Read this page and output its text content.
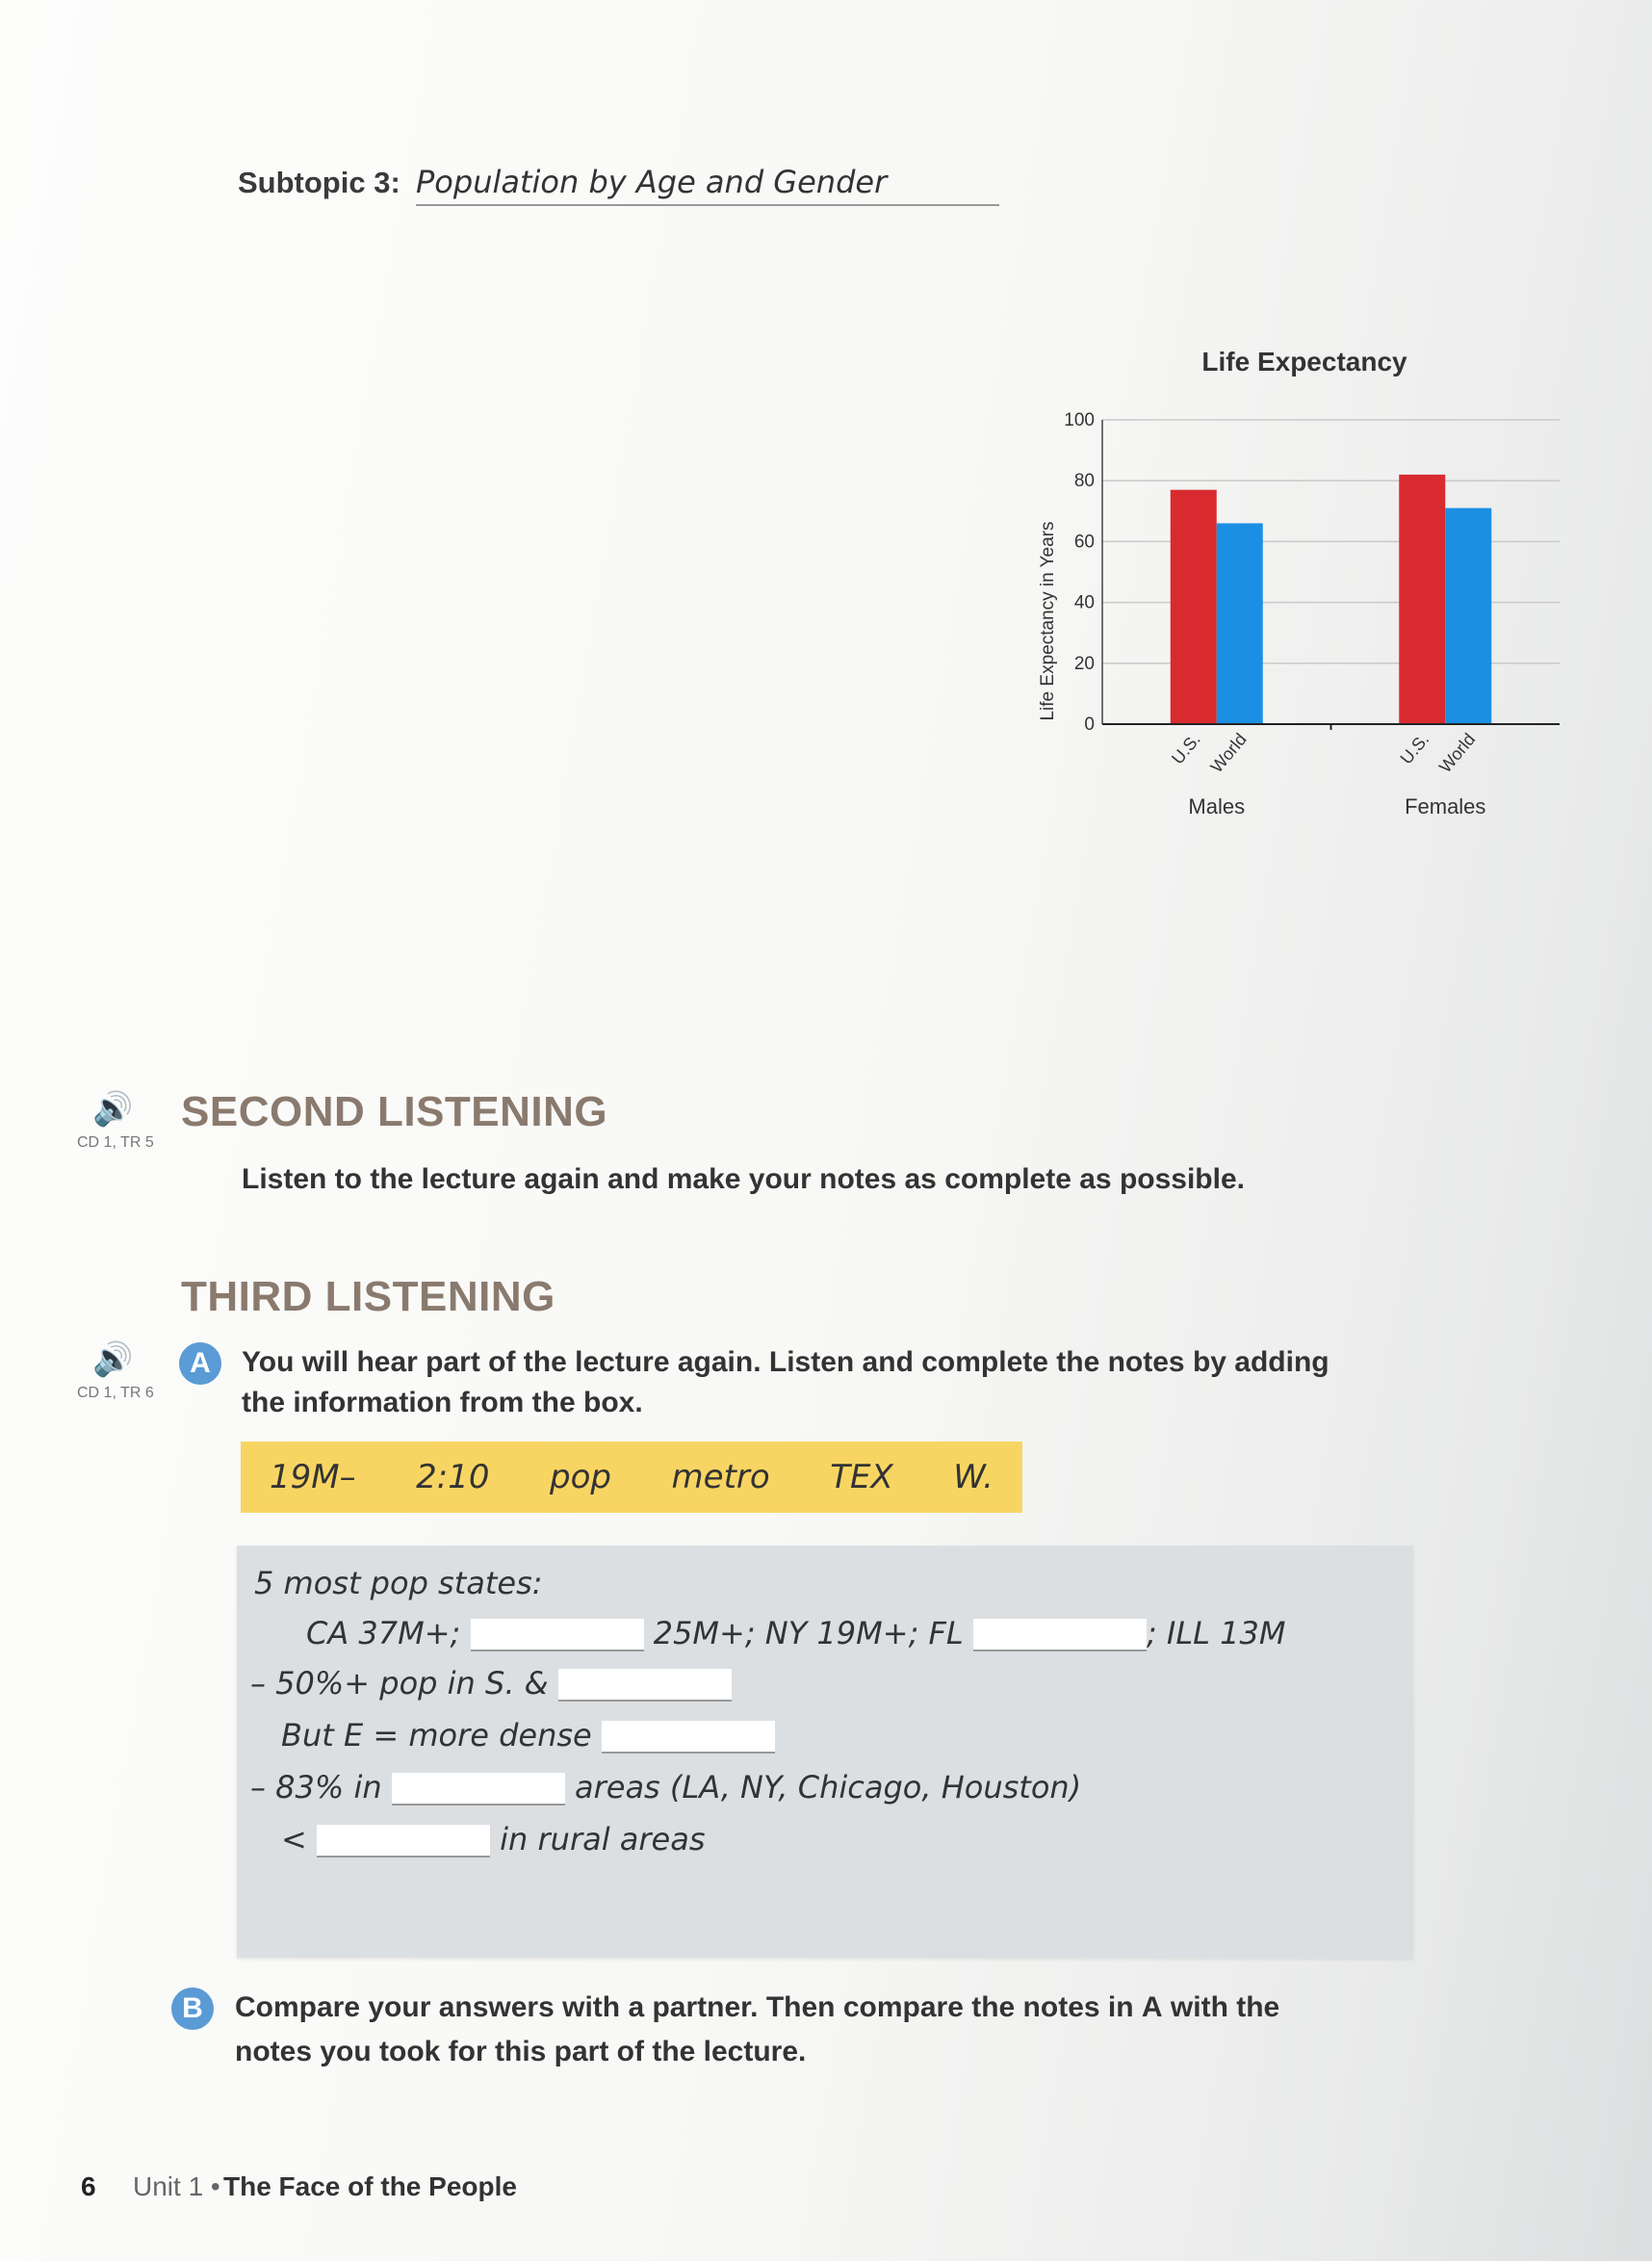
Subtopic 3: Population by Age and Gender
Life Expectancy
Life Expectancy in Years
0
20
40
60
80
100
U.S. World
Males
U.S. World
Females
🔊
CD 1, TR 5
SECOND LISTENING
Listen to the lecture again and make your notes as complete as possible.
THIRD LISTENING
🔊
CD 1, TR 6
A	You will hear part of the lecture again. Listen and complete the notes by adding
the information from the box.
19M– 2:10 pop metro TEX W.
5 most pop states:
CA 37M+;	25M+; NY 19M+; FL	; ILL 13M
– 50%+ pop in S. &
But E = more dense
– 83% in	areas (LA, NY, Chicago, Houston)
<	in rural areas
B	Compare your answers with a partner. Then compare the notes in A with the
notes you took for this part of the lecture.
6 Unit 1 • The Face of the People
